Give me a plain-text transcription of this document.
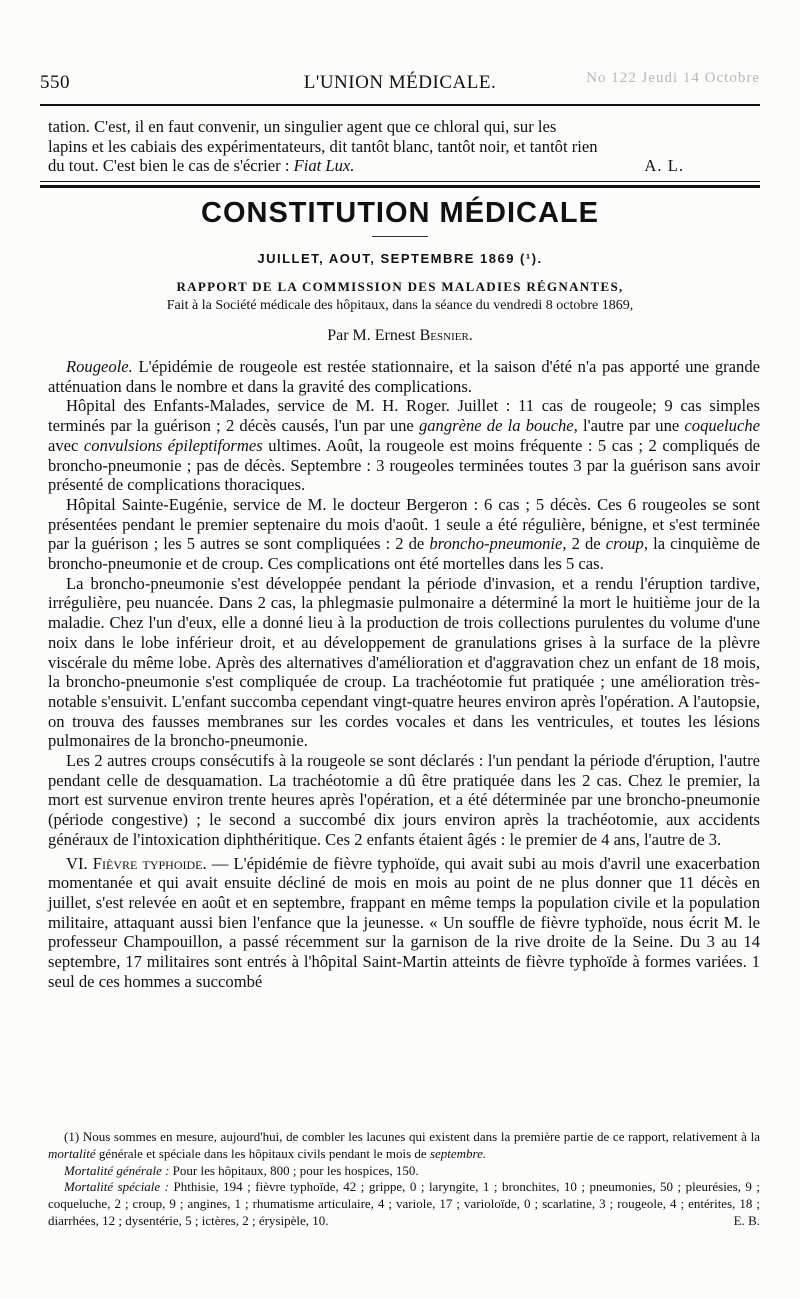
550	L'UNION MÉDICALE.	No 122 Jeudi 14 Octobre

tation. C'est, il en faut convenir, un singulier agent que ce chloral qui, sur les

lapins et les cabiais des expérimentateurs, dit tantôt blanc, tantôt noir, et tantôt rien

du tout. C'est bien le cas de s'écrier : Fiat Lux.	A. L.

CONSTITUTION MÉDICALE
JUILLET, AOUT, SEPTEMBRE 1869 (¹).
RAPPORT DE LA COMMISSION DES MALADIES RÉGNANTES,
Fait à la Société médicale des hôpitaux, dans la séance du vendredi 8 octobre 1869,
Par M. Ernest Besnier.

Rougeole. L'épidémie de rougeole est restée stationnaire, et la saison d'été n'a pas apporté une grande atténuation dans le nombre et dans la gravité des complications.

Hôpital des Enfants-Malades, service de M. H. Roger. Juillet : 11 cas de rougeole; 9 cas simples terminés par la guérison ; 2 décès causés, l'un par une gangrène de la bouche, l'autre par une coqueluche avec convulsions épileptiformes ultimes. Août, la rougeole est moins fréquente : 5 cas ; 2 compliqués de broncho-pneumonie ; pas de décès. Septembre : 3 rougeoles terminées toutes 3 par la guérison sans avoir présenté de complications thoraciques.

Hôpital Sainte-Eugénie, service de M. le docteur Bergeron : 6 cas ; 5 décès. Ces 6 rougeoles se sont présentées pendant le premier septenaire du mois d'août. 1 seule a été régulière, bénigne, et s'est terminée par la guérison ; les 5 autres se sont compliquées : 2 de broncho-pneumonie, 2 de croup, la cinquième de broncho-pneumonie et de croup. Ces complications ont été mortelles dans les 5 cas.

La broncho-pneumonie s'est développée pendant la période d'invasion, et a rendu l'éruption tardive, irrégulière, peu nuancée. Dans 2 cas, la phlegmasie pulmonaire a déterminé la mort le huitième jour de la maladie. Chez l'un d'eux, elle a donné lieu à la production de trois collections purulentes du volume d'une noix dans le lobe inférieur droit, et au développement de granulations grises à la surface de la plèvre viscérale du même lobe. Après des alternatives d'amélioration et d'aggravation chez un enfant de 18 mois, la broncho-pneumonie s'est compliquée de croup. La trachéotomie fut pratiquée ; une amélioration très-notable s'ensuivit. L'enfant succomba cependant vingt-quatre heures environ après l'opération. A l'autopsie, on trouva des fausses membranes sur les cordes vocales et dans les ventricules, et toutes les lésions pulmonaires de la broncho-pneumonie.

Les 2 autres croups consécutifs à la rougeole se sont déclarés : l'un pendant la période d'éruption, l'autre pendant celle de desquamation. La trachéotomie a dû être pratiquée dans les 2 cas. Chez le premier, la mort est survenue environ trente heures après l'opération, et a été déterminée par une broncho-pneumonie (période congestive) ; le second a succombé dix jours environ après la trachéotomie, aux accidents généraux de l'intoxication diphthéritique. Ces 2 enfants étaient âgés : le premier de 4 ans, l'autre de 3.

VI. Fièvre typhoide. — L'épidémie de fièvre typhoïde, qui avait subi au mois d'avril une exacerbation momentanée et qui avait ensuite décliné de mois en mois au point de ne plus donner que 11 décès en juillet, s'est relevée en août et en septembre, frappant en même temps la population civile et la population militaire, attaquant aussi bien l'enfance que la jeunesse. « Un souffle de fièvre typhoïde, nous écrit M. le professeur Champouillon, a passé récemment sur la garnison de la rive droite de la Seine. Du 3 au 14 septembre, 17 militaires sont entrés à l'hôpital Saint-Martin atteints de fièvre typhoïde à formes variées. 1 seul de ces hommes a succombé

(1) Nous sommes en mesure, aujourd'hui, de combler les lacunes qui existent dans la première partie de ce rapport, relativement à la mortalité générale et spéciale dans les hôpitaux civils pendant le mois de septembre.

Mortalité générale : Pour les hôpitaux, 800 ; pour les hospices, 150.

Mortalité spéciale : Phthisie, 194 ; fièvre typhoïde, 42 ; grippe, 0 ; laryngite, 1 ; bronchites, 10 ; pneumonies, 50 ; pleurésies, 9 ; coqueluche, 2 ; croup, 9 ; angines, 1 ; rhumatisme articulaire, 4 ; variole, 17 ; varioloïde, 0 ; scarlatine, 3 ; rougeole, 4 ; entérites, 18 ; diarrhées, 12 ; dysentérie, 5 ; ictères, 2 ; érysipèle, 10.	E. B.
